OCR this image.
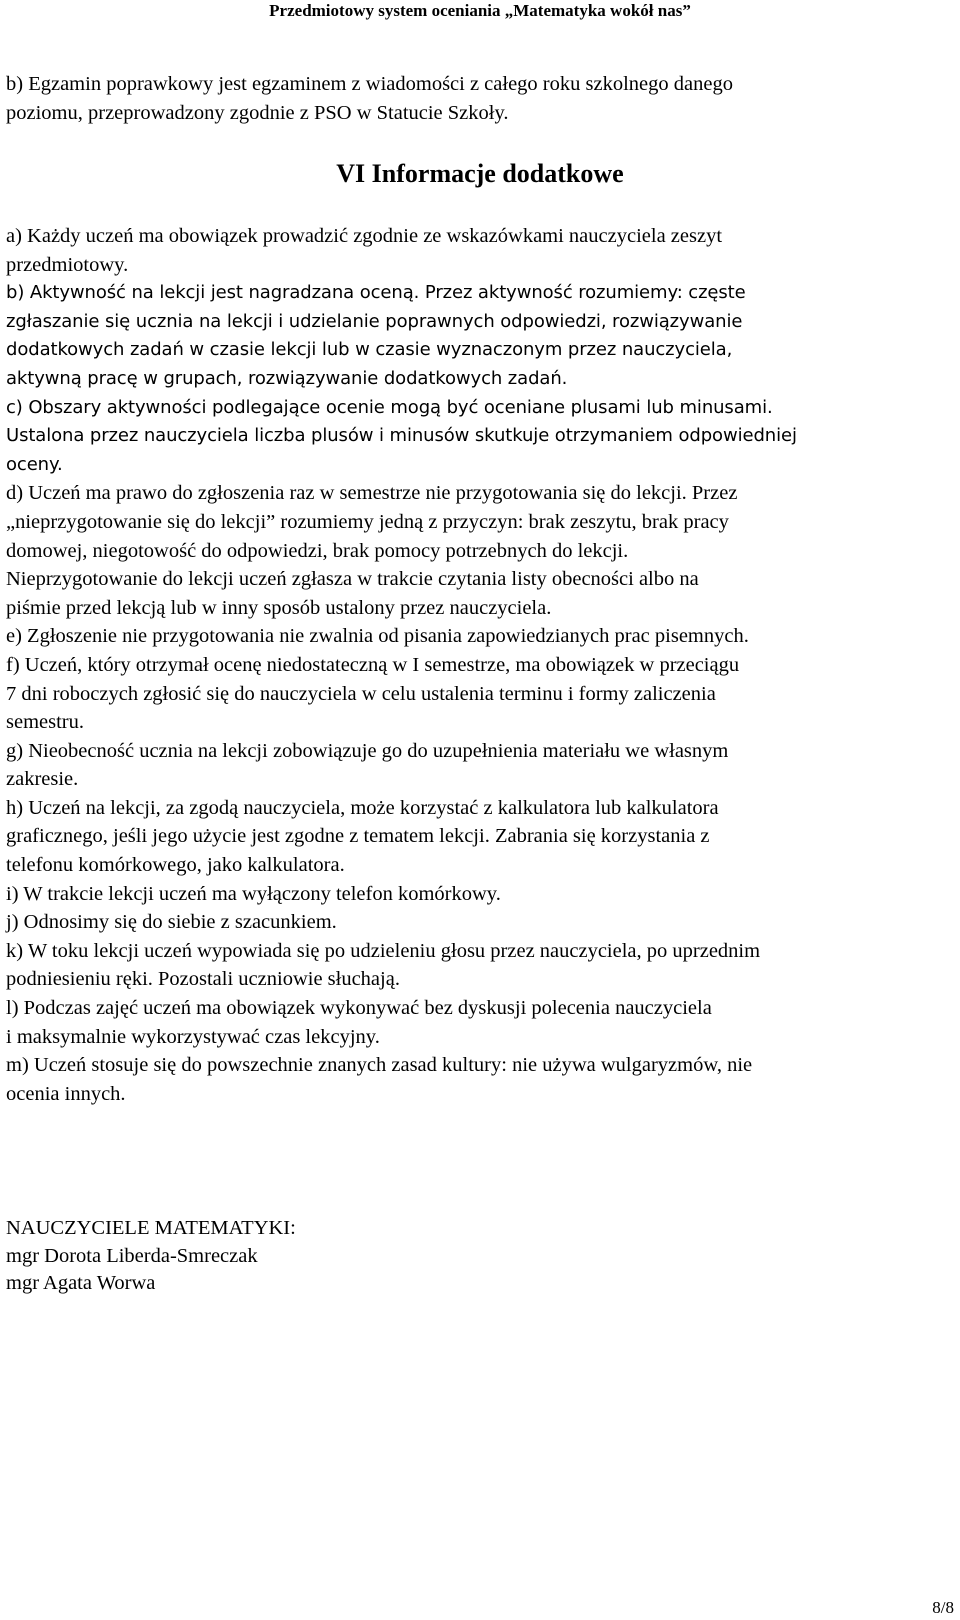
Przedmiotowy system oceniania „Matematyka wokół nas”
b) Egzamin poprawkowy jest egzaminem z wiadomości z całego roku szkolnego danego
poziomu, przeprowadzony zgodnie z PSO w Statucie Szkoły.
VI Informacje dodatkowe
a) Każdy uczeń ma obowiązek prowadzić zgodnie ze wskazówkami nauczyciela zeszyt
przedmiotowy.
b) Aktywność na lekcji jest nagradzana oceną. Przez aktywność rozumiemy: częste
zgłaszanie się ucznia na lekcji i udzielanie poprawnych odpowiedzi, rozwiązywanie
dodatkowych zadań w czasie lekcji lub w czasie wyznaczonym przez nauczyciela,
aktywną pracę w grupach, rozwiązywanie dodatkowych zadań.
c) Obszary aktywności podlegające ocenie mogą być oceniane plusami lub minusami.
Ustalona przez nauczyciela liczba plusów i minusów skutkuje otrzymaniem odpowiedniej
oceny.
d) Uczeń ma prawo do zgłoszenia raz w semestrze nie przygotowania się do lekcji. Przez
„nieprzygotowanie się do lekcji” rozumiemy jedną z przyczyn: brak zeszytu, brak pracy
domowej, niegotowość do odpowiedzi, brak pomocy potrzebnych do lekcji.
Nieprzygotowanie do lekcji uczeń zgłasza w trakcie czytania listy obecności albo na
piśmie przed lekcją lub w inny sposób ustalony przez nauczyciela.
e) Zgłoszenie nie przygotowania nie zwalnia od pisania zapowiedzianych prac pisemnych.
f) Uczeń, który otrzymał ocenę niedostateczną w I semestrze, ma obowiązek w przeciągu
7 dni roboczych zgłosić się do nauczyciela w celu ustalenia terminu i formy zaliczenia
semestru.
g) Nieobecność ucznia na lekcji zobowiązuje go do uzupełnienia materiału we własnym
zakresie.
h) Uczeń na lekcji, za zgodą nauczyciela, może korzystać z kalkulatora lub kalkulatora
graficznego, jeśli jego użycie jest zgodne z tematem lekcji. Zabrania się korzystania z
telefonu komórkowego, jako kalkulatora.
i) W trakcie lekcji uczeń ma wyłączony telefon komórkowy.
j) Odnosimy się do siebie z szacunkiem.
k) W toku lekcji uczeń wypowiada się po udzieleniu głosu przez nauczyciela, po uprzednim
podniesieniu ręki. Pozostali uczniowie słuchają.
l) Podczas zajęć uczeń ma obowiązek wykonywać bez dyskusji polecenia nauczyciela
i maksymalnie wykorzystywać czas lekcyjny.
m) Uczeń stosuje się do powszechnie znanych zasad kultury: nie używa wulgaryzmów, nie
ocenia innych.
NAUCZYCIELE MATEMATYKI:
mgr Dorota Liberda-Smreczak
mgr Agata Worwa
8/8
